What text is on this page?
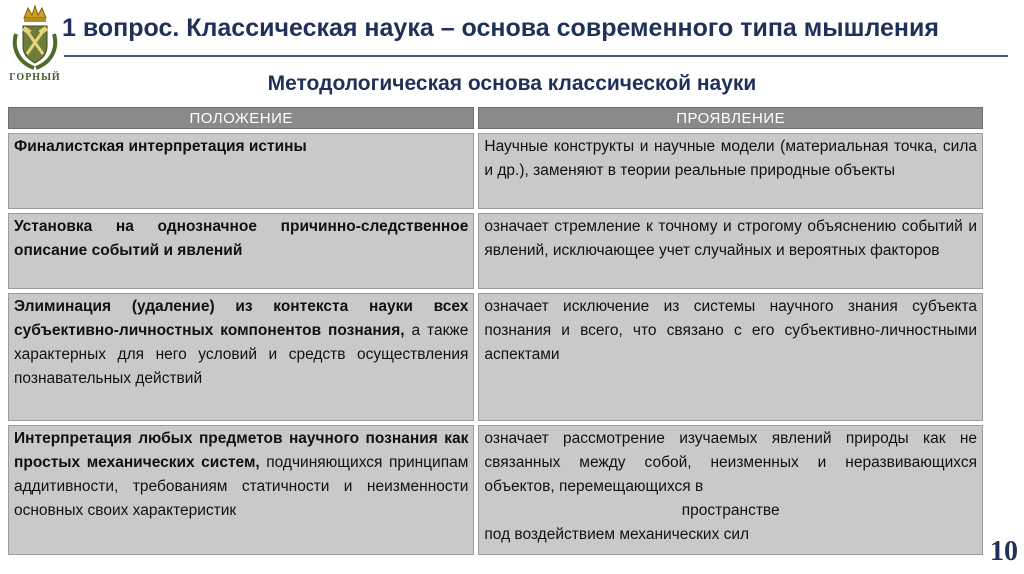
ГОРНЫЙ
1 вопрос. Классическая наука – основа современного типа мышления
Методологическая основа классической науки
ПОЛОЖЕНИЕ	ПРОЯВЛЕНИЕ
Финалистская интерпретация истины	Научные конструкты и научные модели (материальная точка, сила и др.), заменяют в теории реальные природные объекты
Установка на однозначное причинно-следственное описание событий и явлений	означает стремление к точному и строгому объяснению событий и явлений, исключающее учет случайных и вероятных факторов
Элиминация (удаление) из контекста науки всех субъективно-личностных компонентов познания, а также характерных для него условий и средств осуществления познавательных действий	означает исключение из системы научного знания субъекта познания и всего, что связано с его субъективно-личностными аспектами
Интерпретация любых предметов научного познания как простых механических систем, подчиняющихся принципам аддитивности, требованиям статичности и неизменности основных своих характеристик	означает рассмотрение изучаемых явлений природы как не связанных между собой, неизменных и неразвивающихся объектов, перемещающихся в
пространстве
под воздействием механических сил
10
